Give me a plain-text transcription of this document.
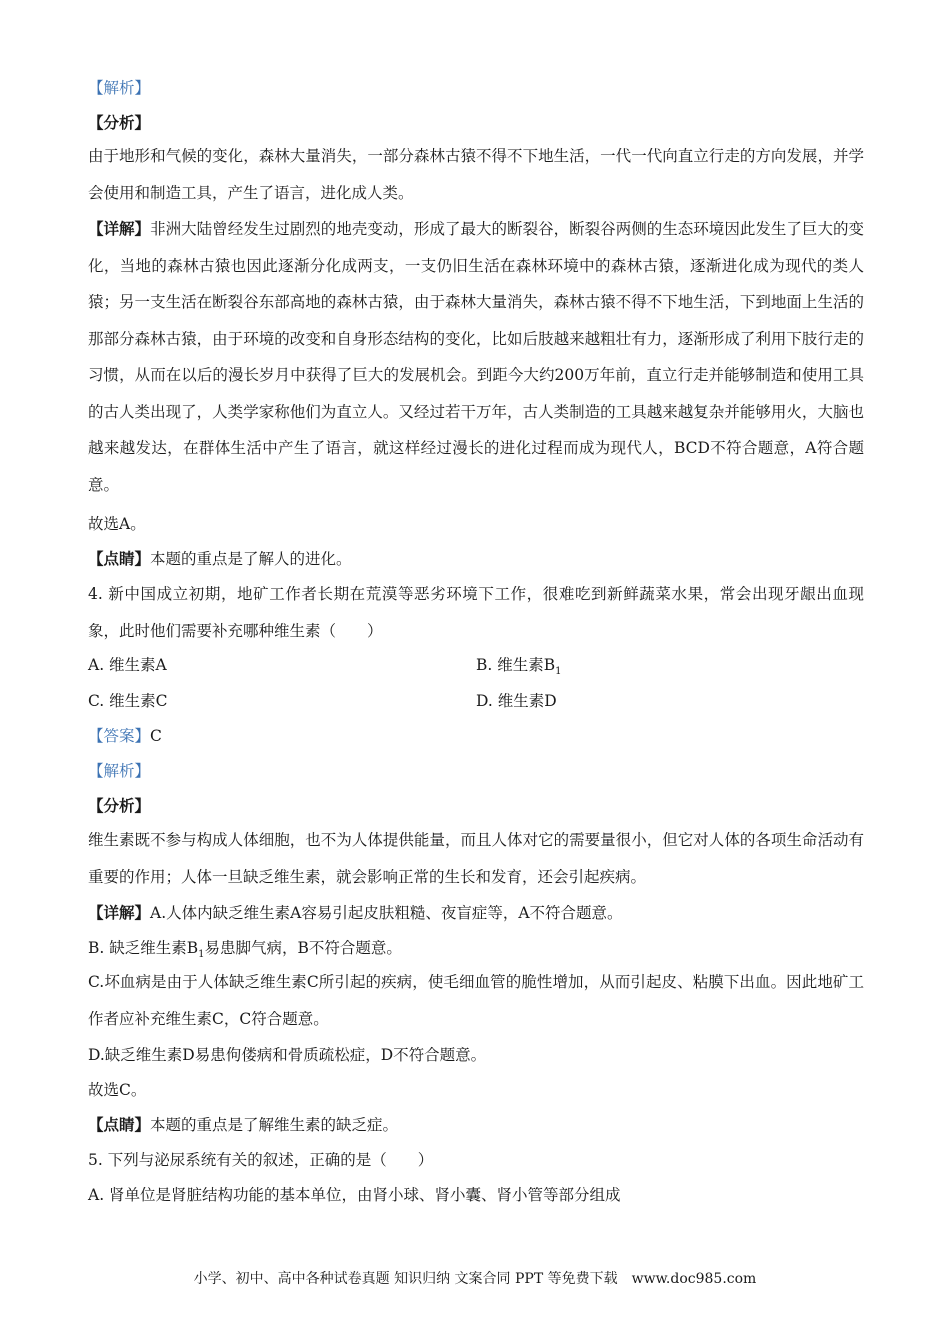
【解析】
【分析】
由于地形和气候的变化，森林大量消失，一部分森林古猿不得不下地生活，一代一代向直立行走的方向发展，并学会使用和制造工具，产生了语言，进化成人类。
【详解】非洲大陆曾经发生过剧烈的地壳变动，形成了最大的断裂谷，断裂谷两侧的生态环境因此发生了巨大的变化，当地的森林古猿也因此逐渐分化成两支，一支仍旧生活在森林环境中的森林古猿，逐渐进化成为现代的类人猿；另一支生活在断裂谷东部高地的森林古猿，由于森林大量消失，森林古猿不得不下地生活，下到地面上生活的那部分森林古猿，由于环境的改变和自身形态结构的变化，比如后肢越来越粗壮有力，逐渐形成了利用下肢行走的习惯，从而在以后的漫长岁月中获得了巨大的发展机会。到距今大约200万年前，直立行走并能够制造和使用工具的古人类出现了，人类学家称他们为直立人。又经过若干万年，古人类制造的工具越来越复杂并能够用火，大脑也越来越发达，在群体生活中产生了语言，就这样经过漫长的进化过程而成为现代人，BCD不符合题意，A符合题意。
故选A。
【点睛】本题的重点是了解人的进化。
4. 新中国成立初期，地矿工作者长期在荒漠等恶劣环境下工作，很难吃到新鲜蔬菜水果，常会出现牙龈出血现象，此时他们需要补充哪种维生素（　　）
A. 维生素A	B. 维生素$B_1$
C. 维生素C	D. 维生素D
【答案】C
【解析】
【分析】
维生素既不参与构成人体细胞，也不为人体提供能量，而且人体对它的需要量很小，但它对人体的各项生命活动有重要的作用；人体一旦缺乏维生素，就会影响正常的生长和发育，还会引起疾病。
【详解】A.人体内缺乏维生素A容易引起皮肤粗糙、夜盲症等，A不符合题意。
B. 缺乏维生素$B_1$易患脚气病，B不符合题意。
C.坏血病是由于人体缺乏维生素C所引起的疾病，使毛细血管的脆性增加，从而引起皮、粘膜下出血。因此地矿工作者应补充维生素C，C符合题意。
D.缺乏维生素D易患佝偻病和骨质疏松症，D不符合题意。
故选C。
【点睛】本题的重点是了解维生素的缺乏症。
5. 下列与泌尿系统有关的叙述，正确的是（　　）
A. 肾单位是肾脏结构功能的基本单位，由肾小球、肾小囊、肾小管等部分组成
小学、初中、高中各种试卷真题 知识归纳 文案合同 PPT 等免费下载　www.doc985.com
